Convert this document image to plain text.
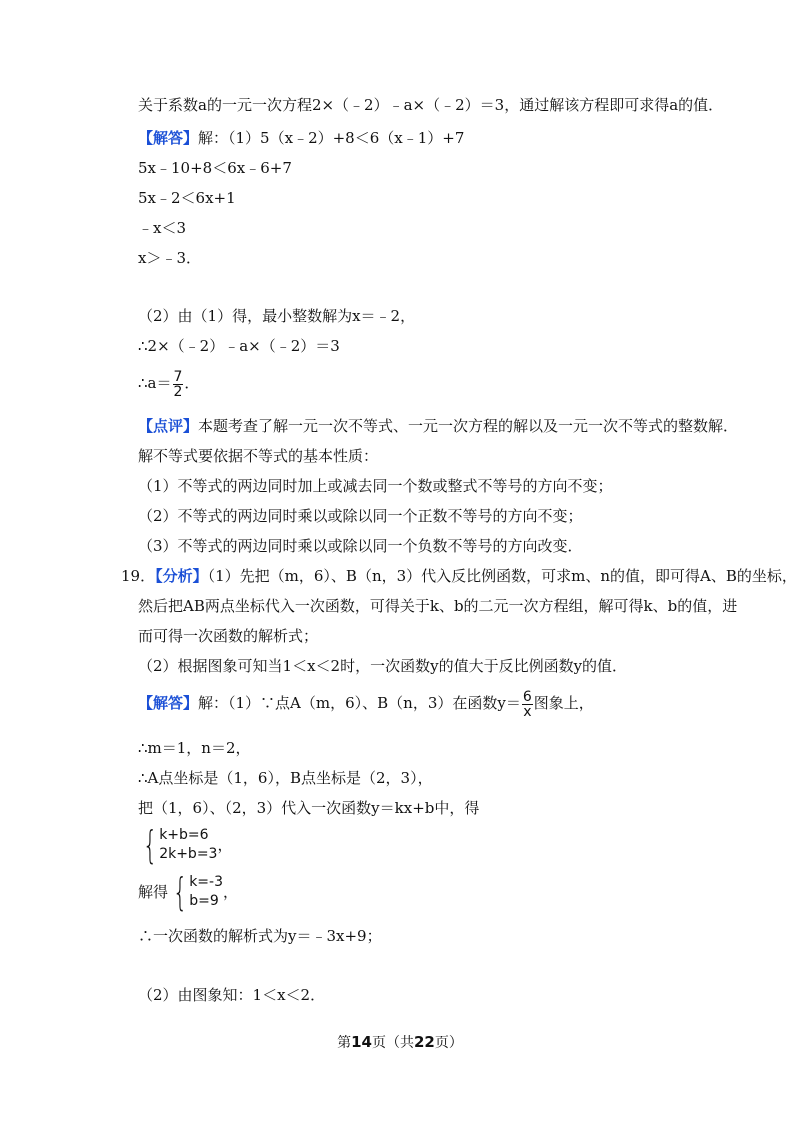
关于系数a的一元一次方程2×（﹣2）﹣a×（﹣2）＝3，通过解该方程即可求得a的值．
【解答】解：（1）5（x﹣2）+8＜6（x﹣1）+7
5x﹣10+8＜6x﹣6+7
5x﹣2＜6x+1
﹣x＜3
x＞﹣3．
（2）由（1）得，最小整数解为x＝﹣2，
∴2×（﹣2）﹣a×（﹣2）＝3
∴a＝ $\frac{7}{2}$ ．
【点评】本题考查了解一元一次不等式、一元一次方程的解以及一元一次不等式的整数解．
解不等式要依据不等式的基本性质：
（1）不等式的两边同时加上或减去同一个数或整式不等号的方向不变；
（2）不等式的两边同时乘以或除以同一个正数不等号的方向不变；
（3）不等式的两边同时乘以或除以同一个负数不等号的方向改变．
19．【分析】（1）先把（m，6）、B（n，3）代入反比例函数，可求m、n的值，即可得A、B的坐标，
然后把AB两点坐标代入一次函数，可得关于k、b的二元一次方程组，解可得k、b的值，进
而可得一次函数的解析式；
（2）根据图象可知当1＜x＜2时，一次函数y的值大于反比例函数y的值．
【解答】解：（1）∵点A（m，6）、B（n，3）在函数$y= \frac{6}{x}$ 图象上，
∴m＝1，n＝2，
∴A点坐标是（1，6），B点坐标是（2，3），
把（1，6）、（2，3）代入一次函数y＝kx+b中，得
{ k+b=6
2k+b=3 ，
解得 { k=-3
b=9 ，
∴一次函数的解析式为y＝﹣3x+9；
（2）由图象知：1＜x＜2．
第14页（共22页）
